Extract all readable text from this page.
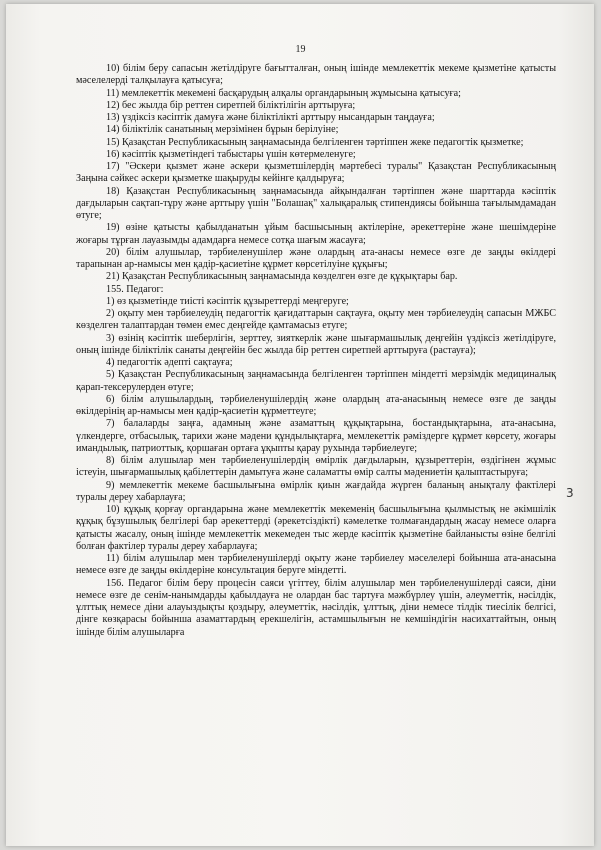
19
3

10) білім беру сапасын жетілдіруге бағытталған, оның ішінде мемлекеттік мекеме қызметіне қатысты мәселелерді талқылауға қатысуға;

11) мемлекеттік мекемені басқарудың алқалы органдарының жұмысына қатысуға;

12) бес жылда бір реттен сиретпей біліктілігін арттыруға;

13) үздіксіз кәсіптік дамуға және біліктілікті арттыру нысандарын таңдауға;

14) біліктілік санатының мерзімінен бұрын берілуіне;

15) Қазақстан Республикасының заңнамасында белгіленген тәртіппен жеке педагогтік қызметке;

16) кәсіптік қызметіндегі табыстары үшін көтермеленуге;

17) "Әскери қызмет және әскери қызметшілердің мәртебесі туралы" Қазақстан Республикасының Заңына сәйкес әскери қызметке шақыруды кейінге қалдыруға;

18) Қазақстан Республикасының заңнамасында айқындалған тәртіппен және шарттарда кәсіптік дағдыларын сақтап-тұру және арттыру үшін "Болашақ" халықаралық стипендиясы бойынша тағылымдамадан өтуге;

19) өзіне қатысты қабылданатын ұйым басшысының актілеріне, әрекеттеріне және шешімдеріне жоғары тұрған лауазымды адамдарға немесе сотқа шағым жасауға;

20) білім алушылар, тәрбиеленушілер және олардың ата-анасы немесе өзге де заңды өкілдері тарапынан ар-намысы мен қадір-қасиетіне құрмет көрсетілуіне құқығы;

21) Қазақстан Республикасының заңнамасында көзделген өзге де құқықтары бар.

155. Педагог:

1) өз қызметінде тиісті кәсіптік құзыреттерді меңгеруге;

2) оқыту мен тәрбиелеудің педагогтік қағидаттарын сақтауға, оқыту мен тәрбиелеудің сапасын МЖБС көзделген талаптардан төмен емес деңгейде қамтамасыз етуге;

3) өзінің кәсіптік шеберлігін, зерттеу, зияткерлік және шығармашылық деңгейін үздіксіз жетілдіруге, оның ішінде біліктілік санаты деңгейін бес жылда бір реттен сиретпей арттыруға (растауға);

4) педагогтік әдепті сақтауға;

5) Қазақстан Республикасының заңнамасында белгіленген тәртіппен міндетті мерзімдік медициналық қарап-тексерулерден өтуге;

6) білім алушылардың, тәрбиеленушілердің және олардың ата-анасының немесе өзге де заңды өкілдерінің ар-намысы мен қадір-қасиетін құрметтеуге;

7) балаларды заңға, адамның және азаматтың құқықтарына, бостандықтарына, ата-анасына, үлкендерге, отбасылық, тарихи және мәдени құндылықтарға, мемлекеттік рәміздерге құрмет көрсету, жоғары имандылық, патриоттық, қоршаған ортаға ұқыпты қарау рухында тәрбиелеуге;

8) білім алушылар мен тәрбиеленушілердің өмірлік дағдыларын, құзыреттерін, өздігінен жұмыс істеуін, шығармашылық қабілеттерін дамытуға және саламатты өмір салты мәдениетін қалыптастыруға;

9) мемлекеттік мекеме басшылығына өмірлік қиын жағдайда жүрген баланың анықталу фактілері туралы дереу хабарлауға;

10) құқық қорғау органдарына және мемлекеттік мекеменің басшылығына қылмыстық не әкімшілік құқық бұзушылық белгілері бар әрекеттерді (әрекетсіздікті) кәмелетке толмағандардың жасау немесе оларға қатысты жасалу, оның ішінде мемлекеттік мекемеден тыс жерде кәсіптік қызметіне байланысты өзіне белгілі болған фактілер туралы дереу хабарлауға;

11) білім алушылар мен тәрбиеленушілерді оқыту және тәрбиелеу мәселелері бойынша ата-анасына немесе өзге де заңды өкілдеріне консультация беруге міндетті.

156. Педагог білім беру процесін саяси үгіттеу, білім алушылар мен тәрбиеленушілерді саяси, діни немесе өзге де сенім-нанымдарды қабылдауға не олардан бас тартуға мәжбүрлеу үшін, әлеуметтік, нәсілдік, ұлттық немесе діни алауыздықты қоздыру, әлеуметтік, нәсілдік, ұлттық, діни немесе тілдік тиесілік белгісі, дінге көзқарасы бойынша азаматтардың ерекшелігін, астамшылығын не кемшіндігін насихаттайтын, оның ішінде білім алушыларға
